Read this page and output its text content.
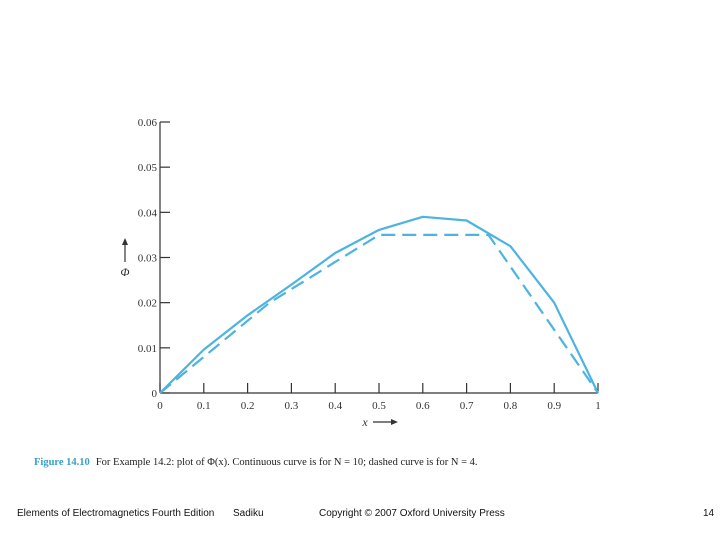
0
0.01
0.02
0.03
0.04
0.05
0.06
0	0.1	0.2	0.3	0.4	0.5	0.6	0.7	0.8	0.9	1
Φ
x
Figure 14.10 For Example 14.2: plot of Φ(x). Continuous curve is for N = 10; dashed curve is for N = 4.
Elements of Electromagnetics Fourth Edition Sadiku	Copyright © 2007 Oxford University Press	14
